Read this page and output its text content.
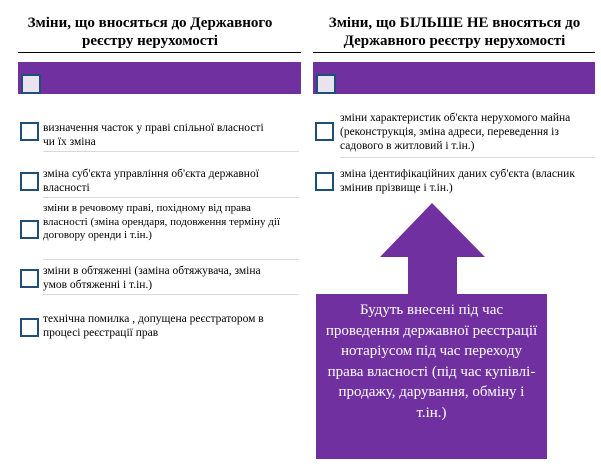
Зміни, що вносяться до Державного реєстру нерухомості
визначення часток у праві спільної власності чи їх зміна
зміна суб'єкта управління об'єкта державної власності
зміни в речовому праві, похідному від права власності (зміна орендаря, подовження терміну дії договору оренди і т.ін.)
зміни в обтяженні (заміна обтяжувача, зміна умов обтяженні і т.ін.)
технічна помилка , допущена реєстратором в процесі реєстрації прав
Зміни, що БІЛЬШЕ НЕ вносяться до Державного реєстру нерухомості
зміни характеристик об'єкта нерухомого майна (реконструкція, зміна адреси, переведення із садового в житловий і т.ін.)
зміна ідентифікаційних даних суб'єкта (власник змінив прізвище і т.ін.)
Будуть внесені під час проведення державної реєстрації нотаріусом під час переходу права власності (під час купівлі-продажу, дарування, обміну і т.ін.)
